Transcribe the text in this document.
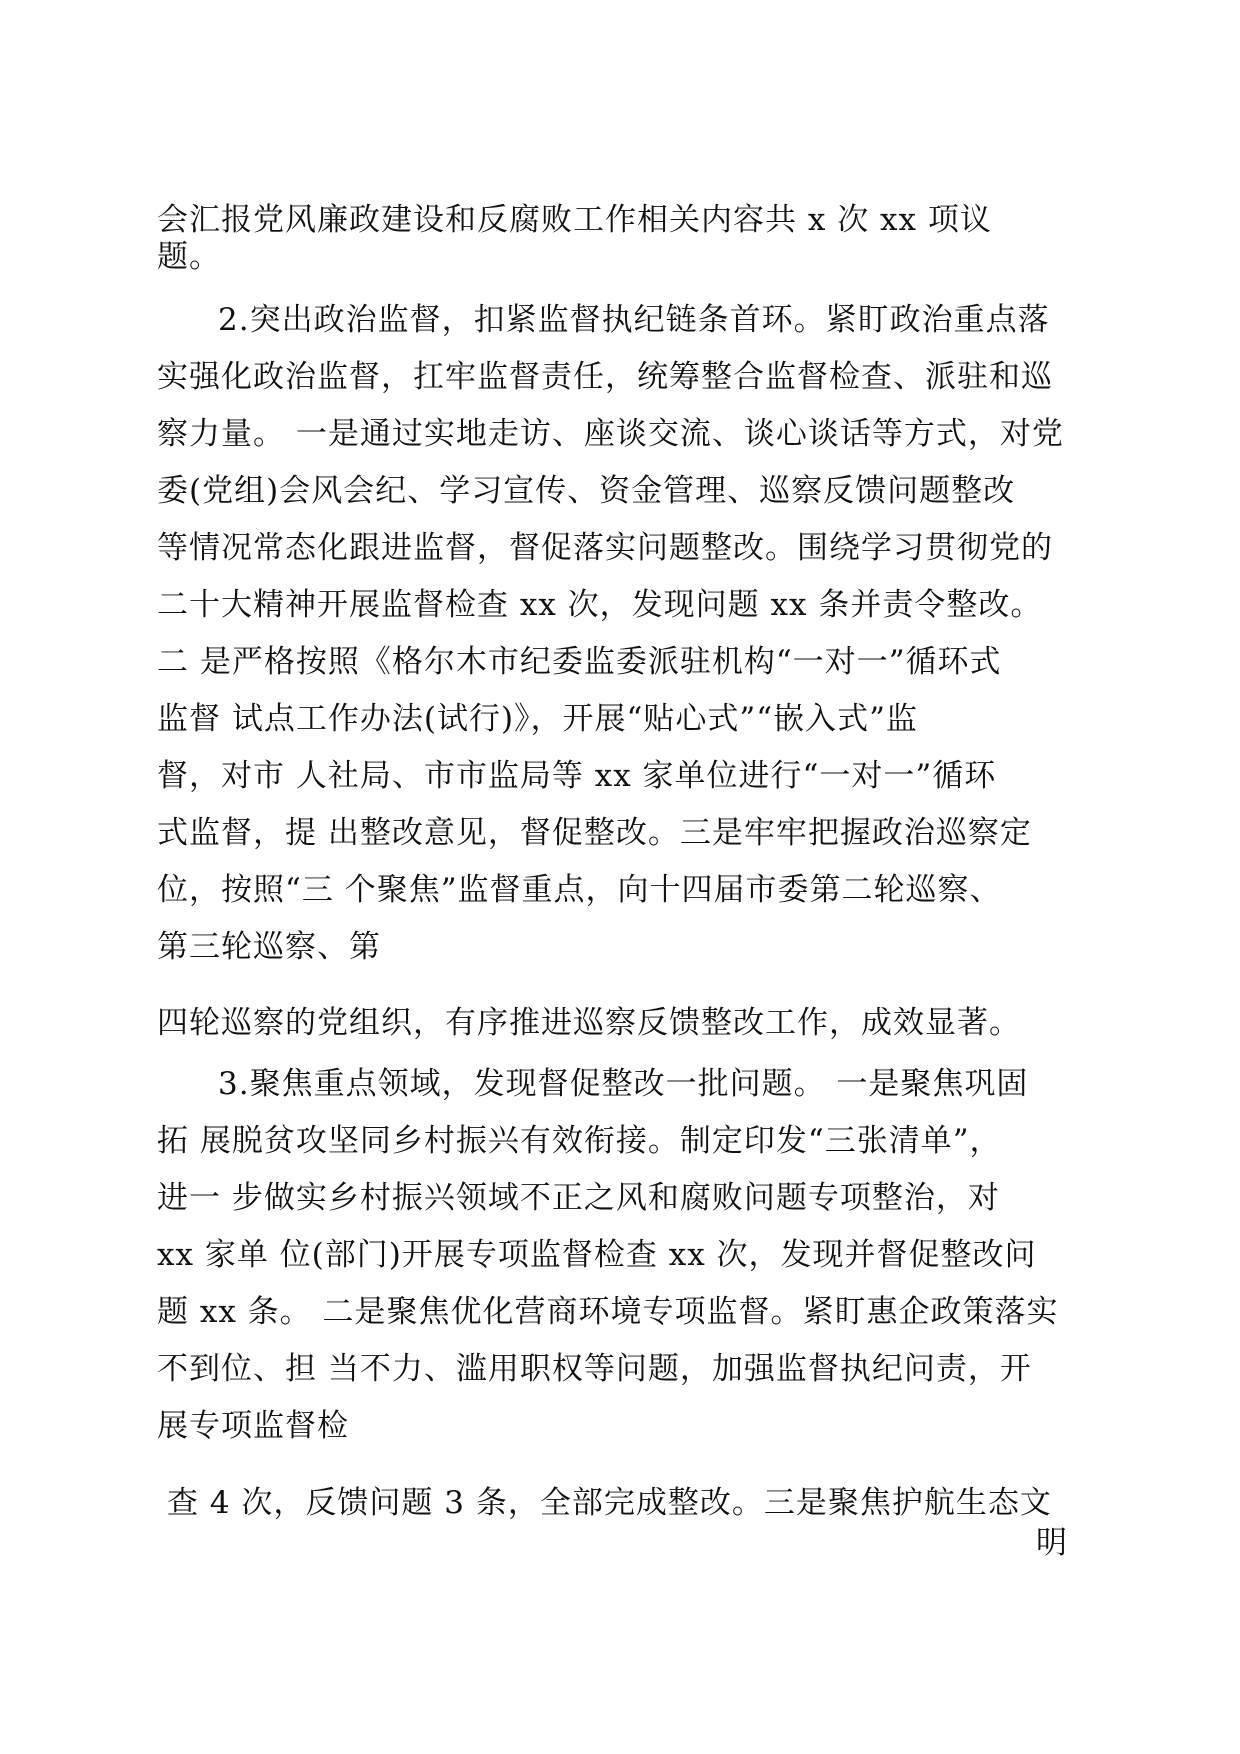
会汇报党风廉政建设和反腐败工作相关内容共 x 次 xx 项议
题。
2.突出政治监督，扣紧监督执纪链条首环。紧盯政治重点落
实强化政治监督，扛牢监督责任，统筹整合监督检查、派驻和巡
察力量。 一是通过实地走访、座谈交流、谈心谈话等方式，对党
委(党组)会风会纪、学习宣传、资金管理、巡察反馈问题整改
等情况常态化跟进监督，督促落实问题整改。围绕学习贯彻党的
二十大精神开展监督检查 xx 次，发现问题 xx 条并责令整改。
二 是严格按照《格尔木市纪委监委派驻机构“一对一”循环式
监督 试点工作办法(试行)》，开展“贴心式”“嵌入式”监
督，对市 人社局、市市监局等 xx 家单位进行“一对一”循环
式监督，提 出整改意见，督促整改。三是牢牢把握政治巡察定
位，按照“三 个聚焦”监督重点，向十四届市委第二轮巡察、
第三轮巡察、第
四轮巡察的党组织，有序推进巡察反馈整改工作，成效显著。
3.聚焦重点领域，发现督促整改一批问题。 一是聚焦巩固
拓 展脱贫攻坚同乡村振兴有效衔接。制定印发“三张清单”，
进一 步做实乡村振兴领域不正之风和腐败问题专项整治，对
xx 家单 位(部门)开展专项监督检查 xx 次，发现并督促整改问
题 xx 条。 二是聚焦优化营商环境专项监督。紧盯惠企政策落实
不到位、担 当不力、滥用职权等问题，加强监督执纪问责，开
展专项监督检
查 4 次，反馈问题 3 条，全部完成整改。三是聚焦护航生态文
明
